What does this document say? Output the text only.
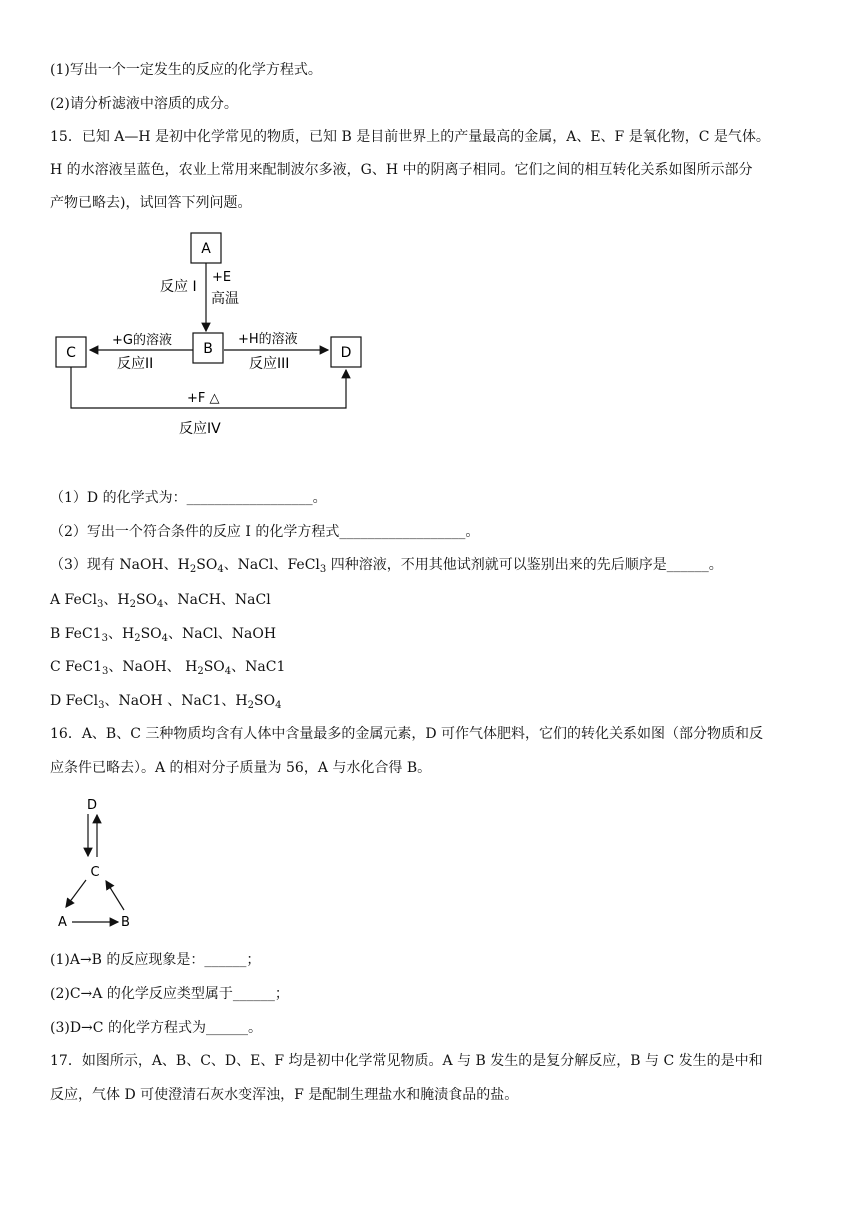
(1)写出一个一定发生的反应的化学方程式。
(2)请分析滤液中溶质的成分。
15．已知 A—H 是初中化学常见的物质，已知 B 是目前世界上的产量最高的金属，A、E、F 是氧化物，C 是气体。
H 的水溶液呈蓝色，农业上常用来配制波尔多液，G、H 中的阴离子相同。它们之间的相互转化关系如图所示部分
产物已略去)，试回答下列问题。
A
B
C	D
反应 I
+E
高温
+G的溶液
反应II
+H的溶液
反应III
+F △
反应IV
D
C
A	B
（1）D 的化学式为：__________________。
（2）写出一个符合条件的反应 I 的化学方程式__________________。
（3）现有 NaOH、$H_2SO_4$、NaCl、FeCl$_3$ 四种溶液，不用其他试剂就可以鉴别出来的先后顺序是______。
A FeCl$_3$、$H_2SO_4$、NaCH、NaCl
B $FeC1_3$、$H_2SO_4$、NaCl、NaOH
C $FeC1_3$、NaOH、 $H_2SO_4$、NaC1
D FeCl$_3$、NaOH 、NaC1、$H_2SO_4$
16．A、B、C 三种物质均含有人体中含量最多的金属元素，D 可作气体肥料，它们的转化关系如图（部分物质和反
应条件已略去）。A 的相对分子质量为 56，A 与水化合得 B。
(1)A→B 的反应现象是：______；
(2)C→A 的化学反应类型属于______；
(3)D→C 的化学方程式为______。
17．如图所示，A、B、C、D、E、F 均是初中化学常见物质。A 与 B 发生的是复分解反应，B 与 C 发生的是中和
反应，气体 D 可使澄清石灰水变浑浊，F 是配制生理盐水和腌渍食品的盐。
